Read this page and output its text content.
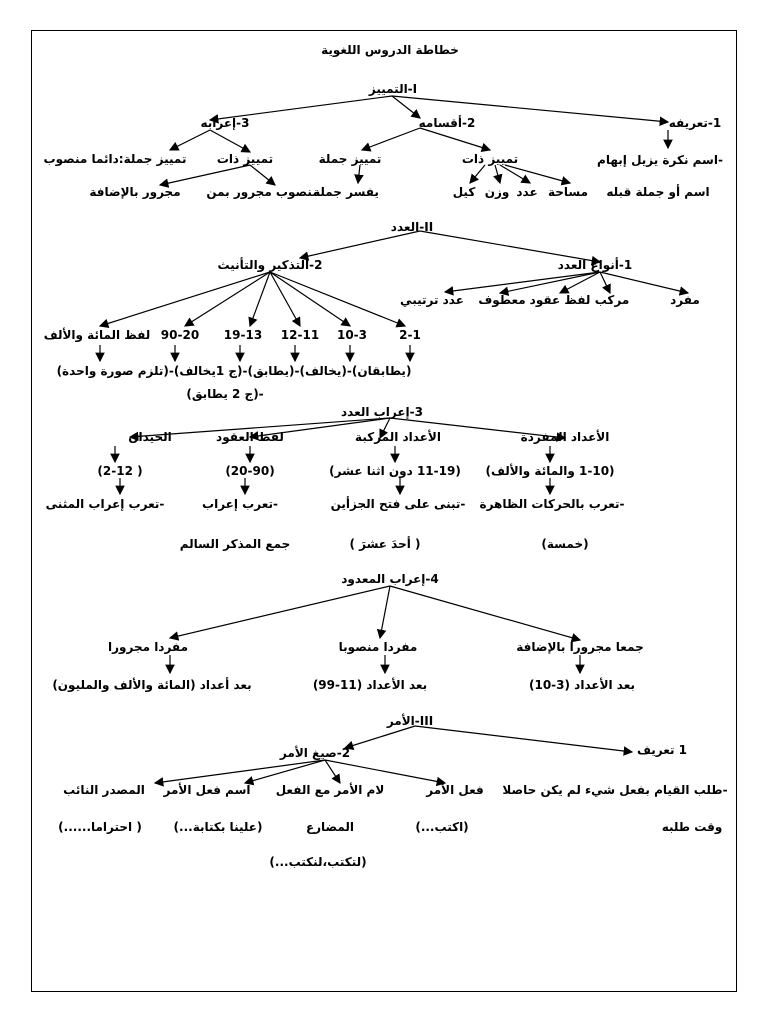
خطاطة الدروس اللغوية
I-التمييز
1-تعريفه
-اسم نكرة يزيل إبهام
اسم أو جملة قبله
2-أقسامه
تمييز ذات
تمييز جملة
مساحة
عدد
وزن
كيل
يفسر جملة
3-إعرابه
تمييز ذات
تمييز جملة:دائما منصوب
منصوب مجرور بمن
مجرور بالإضافة
II-العدد
1-أنواع العدد
مفرد
مركب
لفظ عقود
معطوف
عدد ترتيبي
2-التذكير والتأنيث
2-1
10-3
12-11
19-13
90-20
لفظ المائة والألف
(يطابقان)-(يخالف)-(يطابق)-(ج 1يخالف)-(تلزم صورة واحدة)
-(ج 2 يطابق)
3-إعراب العدد
الأعداد المفردة
الأعداد المركبة
لفظ العقود
الحيدان
(1-10 والمائة والألف)
(11-19 دون اثنا عشر)
(20-90)
( 2-12)
-تعرب بالحركات الظاهرة
-تبنى على فتح الجزأين
-تعرب إعراب
-تعرب إعراب المثنى
(خمسة)
( أحدَ عشرَ )
جمع المذكر السالم
4-إعراب المعدود
جمعا مجرورا بالإضافة
مفردا منصوبا
مفردا مجرورا
بعد الأعداد (3-10)
بعد الأعداد (11-99)
بعد أعداد (المائة والألف والمليون)
III-الأمر
1 تعريف
-طلب القيام بفعل شيء لم يكن حاصلا
وقت طلبه
2-صيغ الأمر
فعل الأمر
لام الأمر مع الفعل
اسم فعل الأمر
المصدر النائب
(اكتب...)
المضارع
(علينا بكتابة...)
( احتراما......)
(لتكتب،لنكتب...)
